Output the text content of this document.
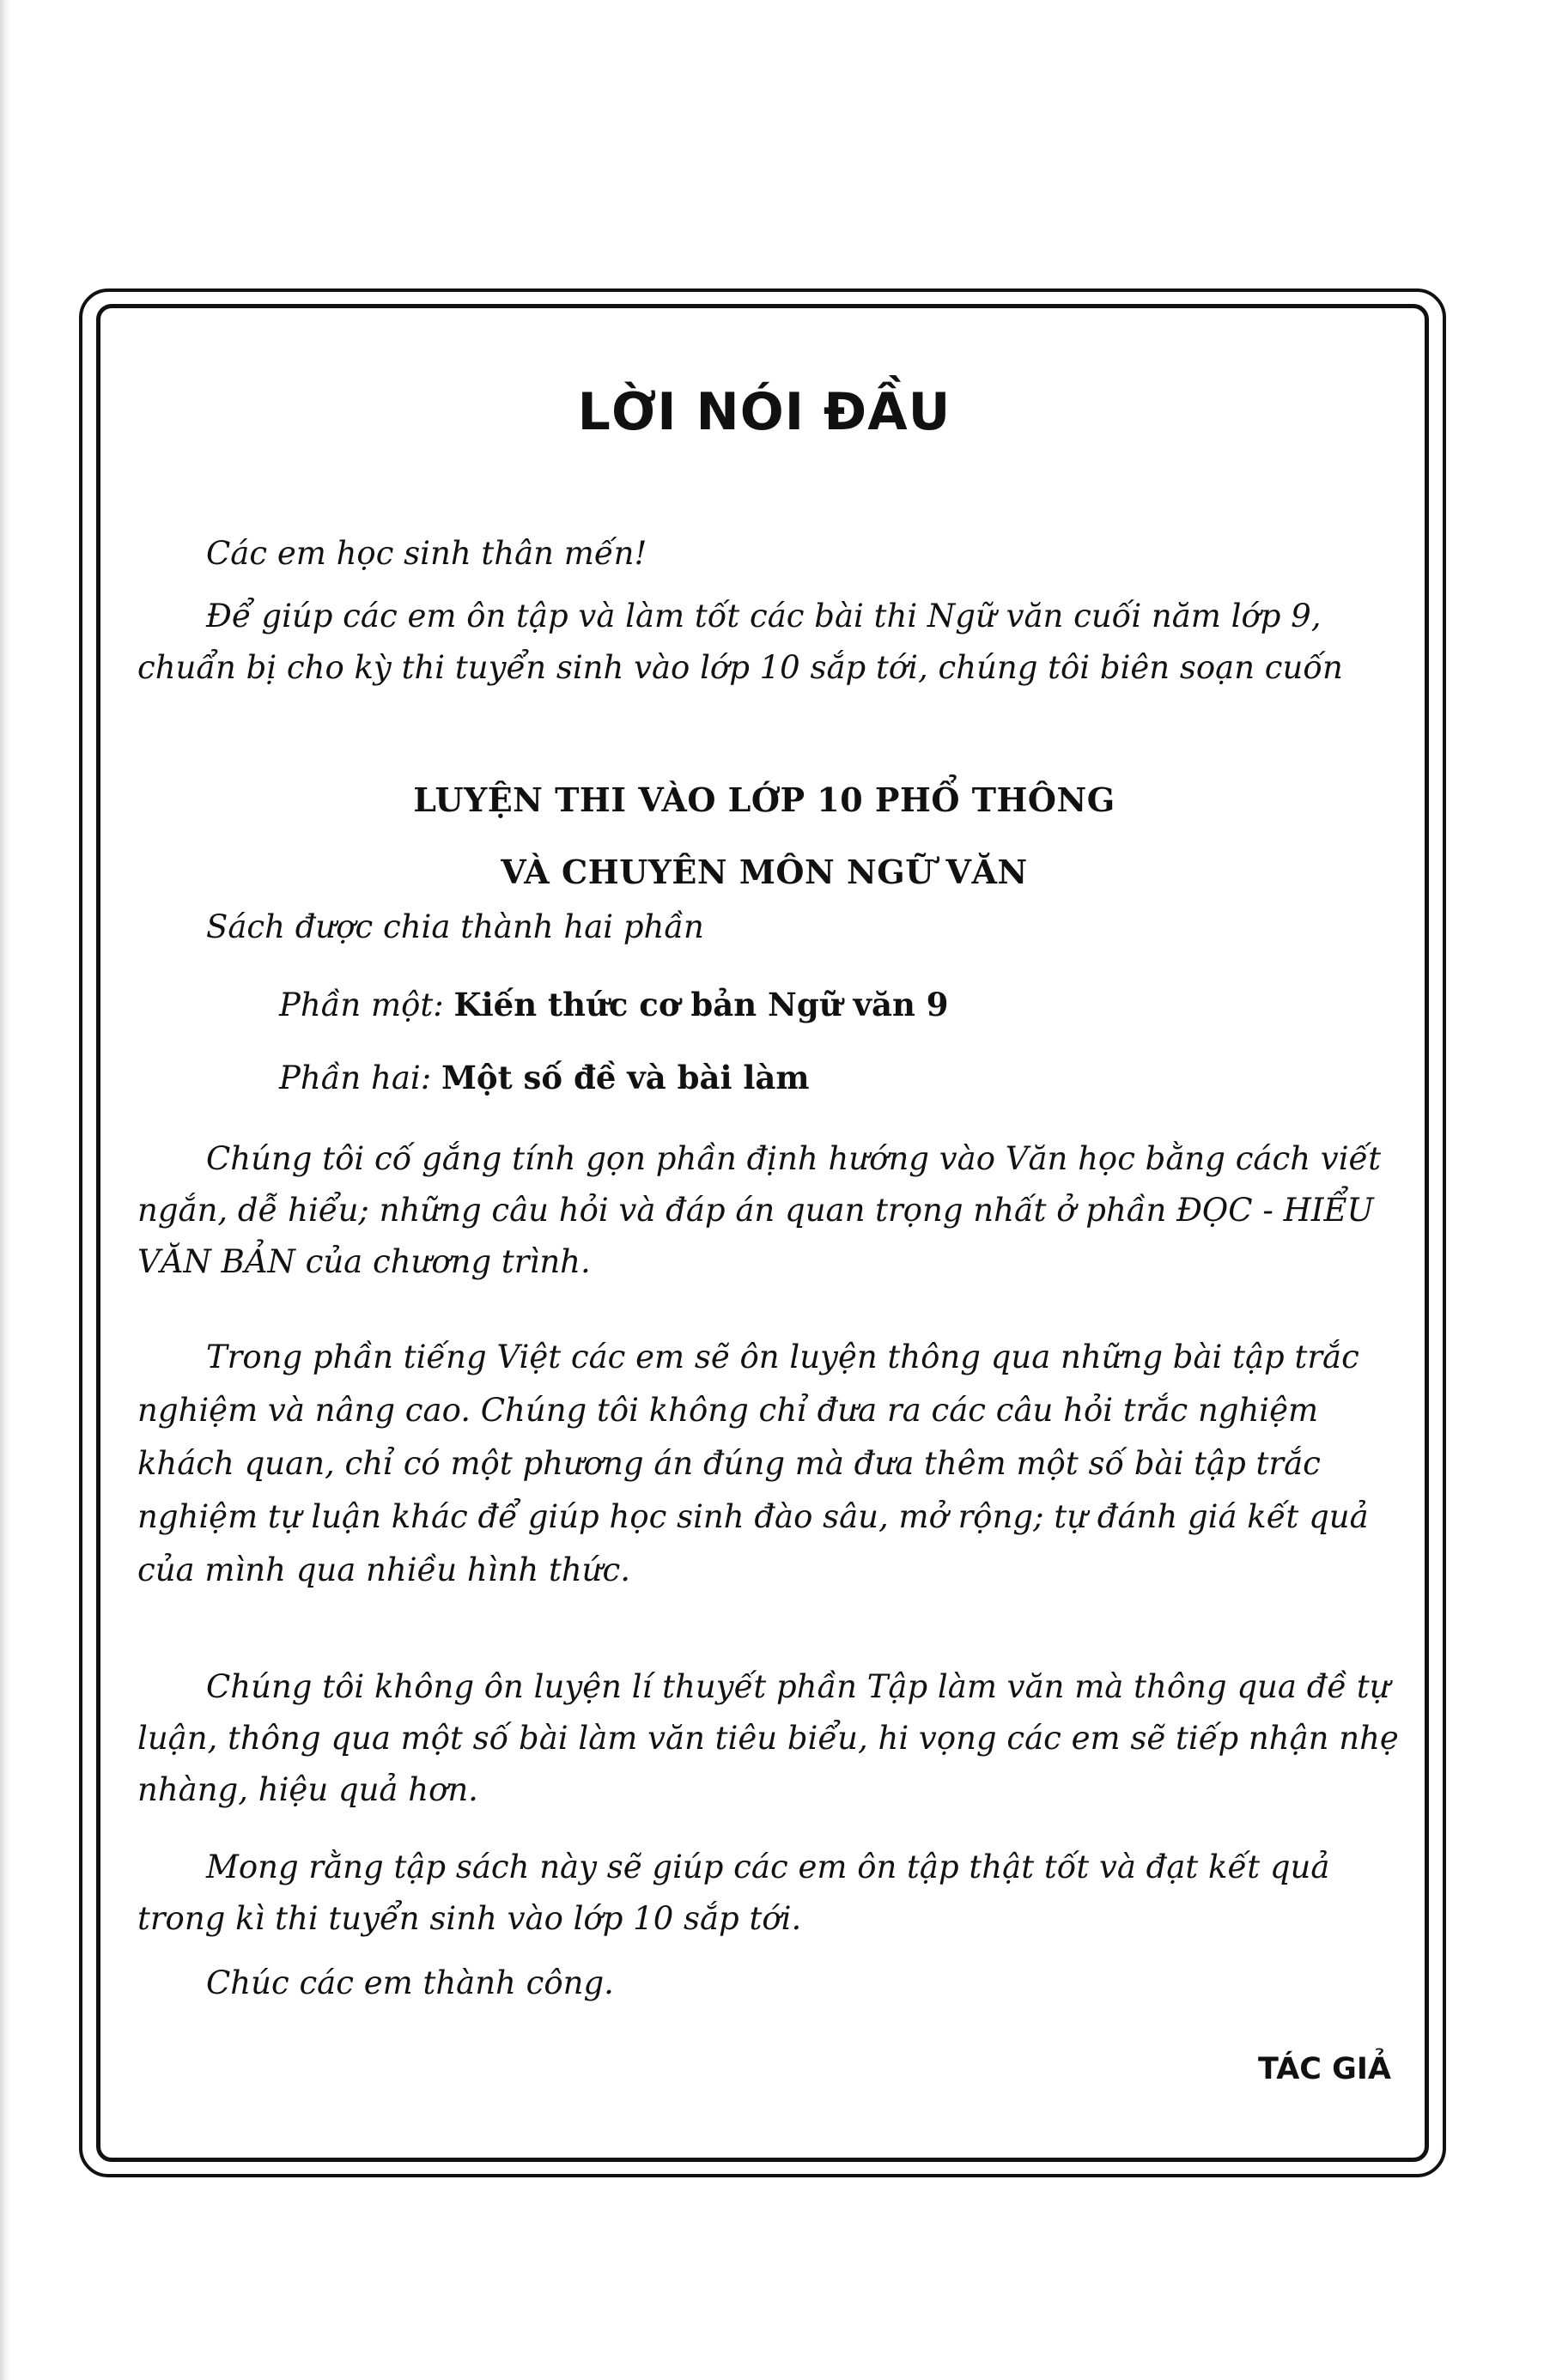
LỜI NÓI ĐẦU
Các em học sinh thân mến!
Để giúp các em ôn tập và làm tốt các bài thi Ngữ văn cuối năm lớp 9, chuẩn bị cho kỳ thi tuyển sinh vào lớp 10 sắp tới, chúng tôi biên soạn cuốn
LUYỆN THI VÀO LỚP 10 PHỔ THÔNG
VÀ CHUYÊN MÔN NGỮ VĂN
Sách được chia thành hai phần
Phần một: Kiến thức cơ bản Ngữ văn 9
Phần hai: Một số đề và bài làm
Chúng tôi cố gắng tính gọn phần định hướng vào Văn học bằng cách viết ngắn, dễ hiểu; những câu hỏi và đáp án quan trọng nhất ở phần ĐỌC - HIỂU VĂN BẢN của chương trình.
Trong phần tiếng Việt các em sẽ ôn luyện thông qua những bài tập trắc nghiệm và nâng cao. Chúng tôi không chỉ đưa ra các câu hỏi trắc nghiệm khách quan, chỉ có một phương án đúng mà đưa thêm một số bài tập trắc nghiệm tự luận khác để giúp học sinh đào sâu, mở rộng; tự đánh giá kết quả của mình qua nhiều hình thức.
Chúng tôi không ôn luyện lí thuyết phần Tập làm văn mà thông qua đề tự luận, thông qua một số bài làm văn tiêu biểu, hi vọng các em sẽ tiếp nhận nhẹ nhàng, hiệu quả hơn.
Mong rằng tập sách này sẽ giúp các em ôn tập thật tốt và đạt kết quả trong kì thi tuyển sinh vào lớp 10 sắp tới.
Chúc các em thành công.
TÁC GIẢ
